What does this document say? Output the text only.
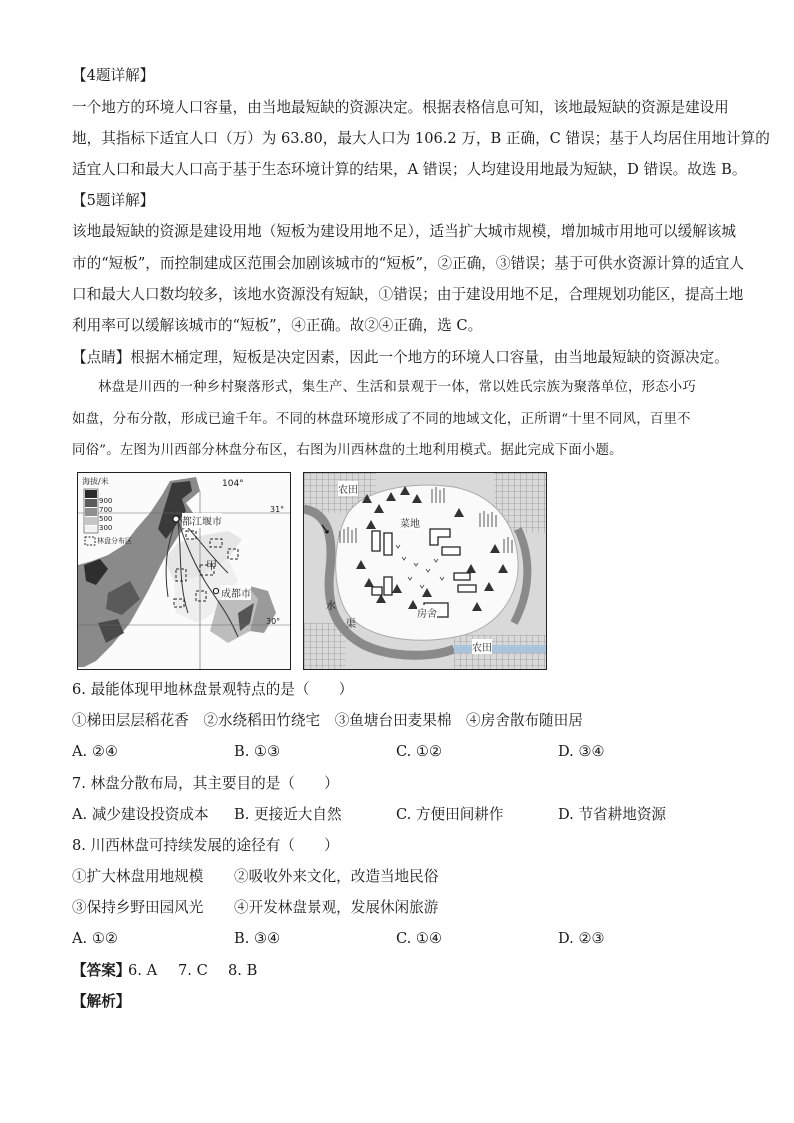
【4题详解】
一个地方的环境人口容量，由当地最短缺的资源决定。根据表格信息可知，该地最短缺的资源是建设用
地，其指标下适宜人口（万）为 63.80，最大人口为 106.2 万，B 正确，C 错误；基于人均居住用地计算的
适宜人口和最大人口高于基于生态环境计算的结果，A 错误；人均建设用地最为短缺，D 错误。故选 B。
【5题详解】
该地最短缺的资源是建设用地（短板为建设用地不足），适当扩大城市规模，增加城市用地可以缓解该城
市的“短板”，而控制建成区范围会加剧该城市的“短板”，②正确，③错误；基于可供水资源计算的适宜人
口和最大人口数均较多，该地水资源没有短缺，①错误；由于建设用地不足，合理规划功能区，提高土地
利用率可以缓解该城市的“短板”，④正确。故②④正确，选 C。
【点睛】根据木桶定理，短板是决定因素，因此一个地方的环境人口容量，由当地最短缺的资源决定。
林盘是川西的一种乡村聚落形式，集生产、生活和景观于一体，常以姓氏宗族为聚落单位，形态小巧
如盘，分布分散，形成已逾千年。不同的林盘环境形成了不同的地域文化，正所谓“十里不同风，百里不
同俗”。左图为川西部分林盘分布区，右图为川西林盘的土地利用模式。据此完成下面小题。
海拔/米
900
700
500
300
林盘分布区
104°
31°
30°
都江堰市
成都市
甲
农田
菜地
水
渠
房舍
农田
6. 最能体现甲地林盘景观特点的是（　　）
①梯田层层稻花香　②水绕稻田竹绕宅　③鱼塘台田麦果棉　④房舍散布随田居
A. ②④	B. ①③	C. ①②	D. ③④
7. 林盘分散布局，其主要目的是（　　）
A. 减少建设投资成本 B. 更接近大自然	C. 方便田间耕作	D. 节省耕地资源
8. 川西林盘可持续发展的途径有（　　）
①扩大林盘用地规模 ②吸收外来文化，改造当地民俗
③保持乡野田园风光 ④开发林盘景观，发展休闲旅游
A. ①②	B. ③④	C. ①④	D. ②③
【答案】
6. A 7. C 8. B
【解析】
